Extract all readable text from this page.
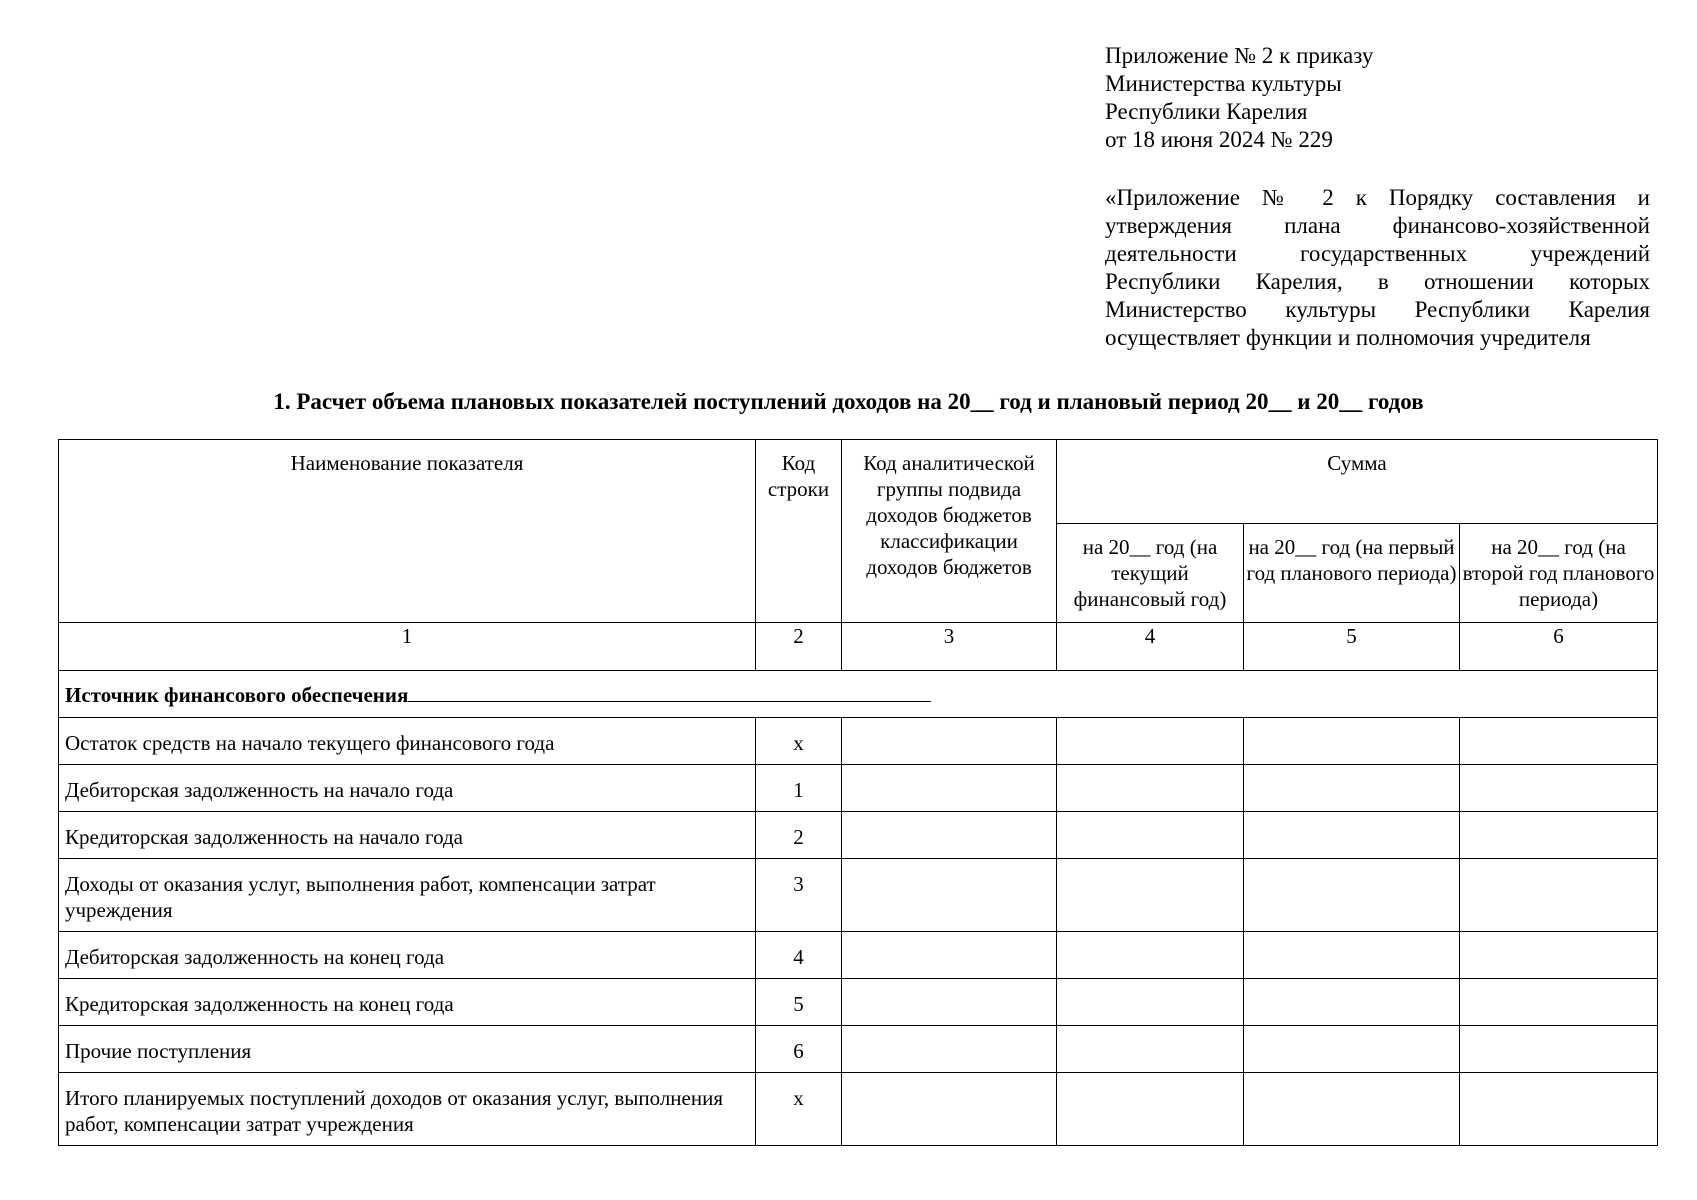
Приложение № 2 к приказу
Министерства культуры
Республики Карелия
от 18 июня 2024 № 229
«Приложение № 2 к Порядку составления и
утверждения плана финансово-хозяйственной
деятельности государственных учреждений
Республики Карелия, в отношении которых
Министерство культуры Республики Карелия
осуществляет функции и полномочия учредителя
1. Расчет объема плановых показателей поступлений доходов на 20__ год и плановый период 20__ и 20__ годов
Наименование показателя	Код строки	Код аналитической группы подвида доходов бюджетов классификации доходов бюджетов	Сумма		
			на 20__ год (на текущий финансовый год)	на 20__ год (на первый год планового периода)	на 20__ год (на второй год планового периода)
1	2	3	4	5	6
Источник финансового обеспечения					
Остаток средств на начало текущего финансового года	x				
Дебиторская задолженность на начало года	1				
Кредиторская задолженность на начало года	2				
Доходы от оказания услуг, выполнения работ, компенсации затрат учреждения	3				
Дебиторская задолженность на конец года	4				
Кредиторская задолженность на конец года	5				
Прочие поступления	6				
Итого планируемых поступлений доходов от оказания услуг, выполнения работ, компенсации затрат учреждения	x				
